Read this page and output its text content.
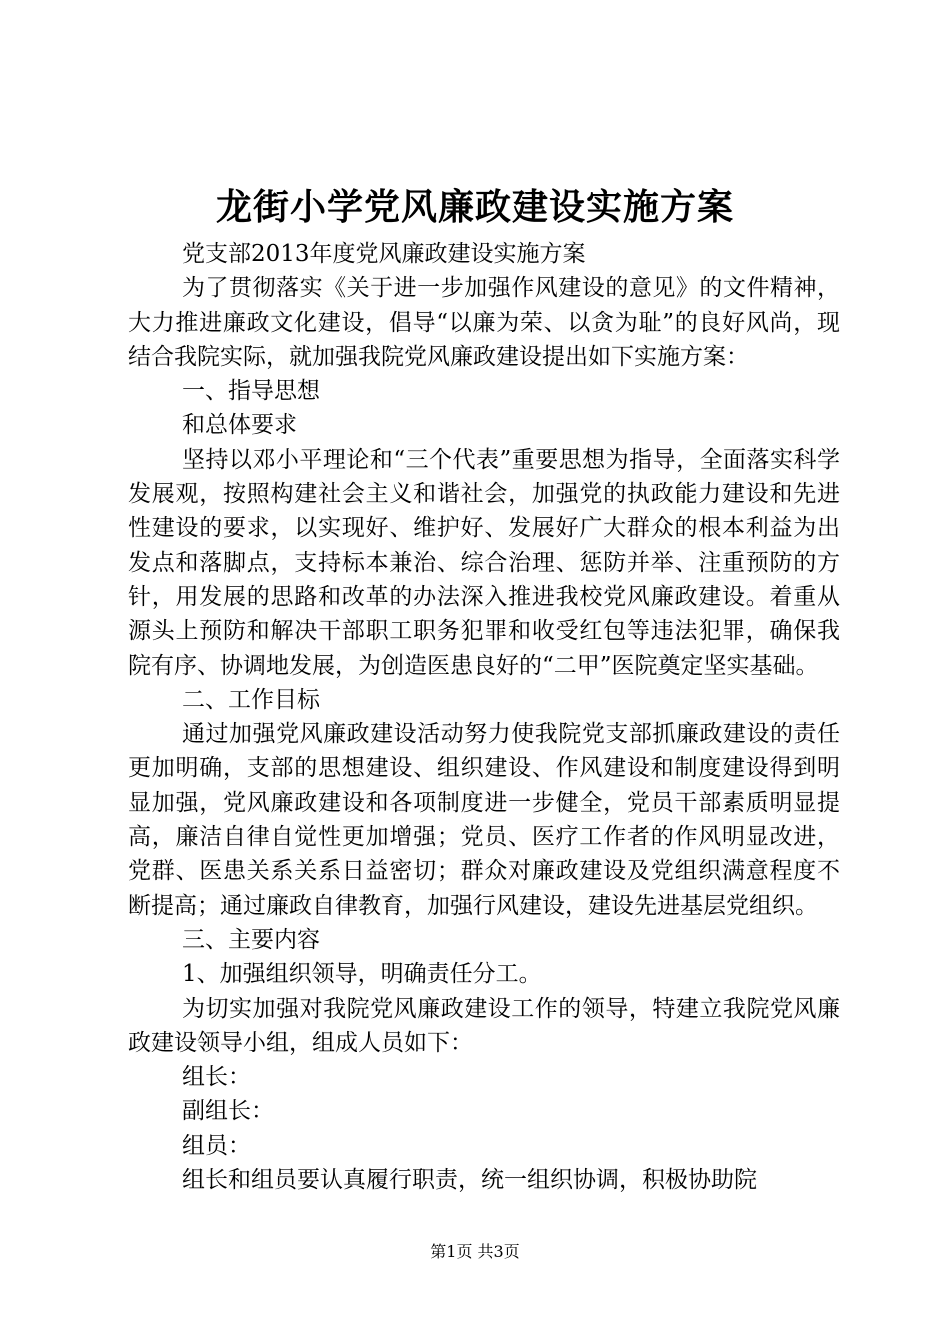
龙街小学党风廉政建设实施方案

党支部2013年度党风廉政建设实施方案

为了贯彻落实《关于进一步加强作风建设的意见》的文件精神，大力推进廉政文化建设，倡导“以廉为荣、以贪为耻”的良好风尚，现结合我院实际，就加强我院党风廉政建设提出如下实施方案：

一、指导思想

和总体要求

坚持以邓小平理论和“三个代表”重要思想为指导，全面落实科学发展观，按照构建社会主义和谐社会，加强党的执政能力建设和先进性建设的要求，以实现好、维护好、发展好广大群众的根本利益为出发点和落脚点，支持标本兼治、综合治理、惩防并举、注重预防的方针，用发展的思路和改革的办法深入推进我校党风廉政建设。着重从源头上预防和解决干部职工职务犯罪和收受红包等违法犯罪，确保我院有序、协调地发展，为创造医患良好的“二甲”医院奠定坚实基础。

二、工作目标

通过加强党风廉政建设活动努力使我院党支部抓廉政建设的责任更加明确，支部的思想建设、组织建设、作风建设和制度建设得到明显加强，党风廉政建设和各项制度进一步健全，党员干部素质明显提高，廉洁自律自觉性更加增强；党员、医疗工作者的作风明显改进，党群、医患关系关系日益密切；群众对廉政建设及党组织满意程度不断提高；通过廉政自律教育，加强行风建设，建设先进基层党组织。

三、主要内容

1、加强组织领导，明确责任分工。

为切实加强对我院党风廉政建设工作的领导，特建立我院党风廉政建设领导小组，组成人员如下：

组长：

副组长：

组员：

组长和组员要认真履行职责，统一组织协调，积极协助院

第1页 共3页
